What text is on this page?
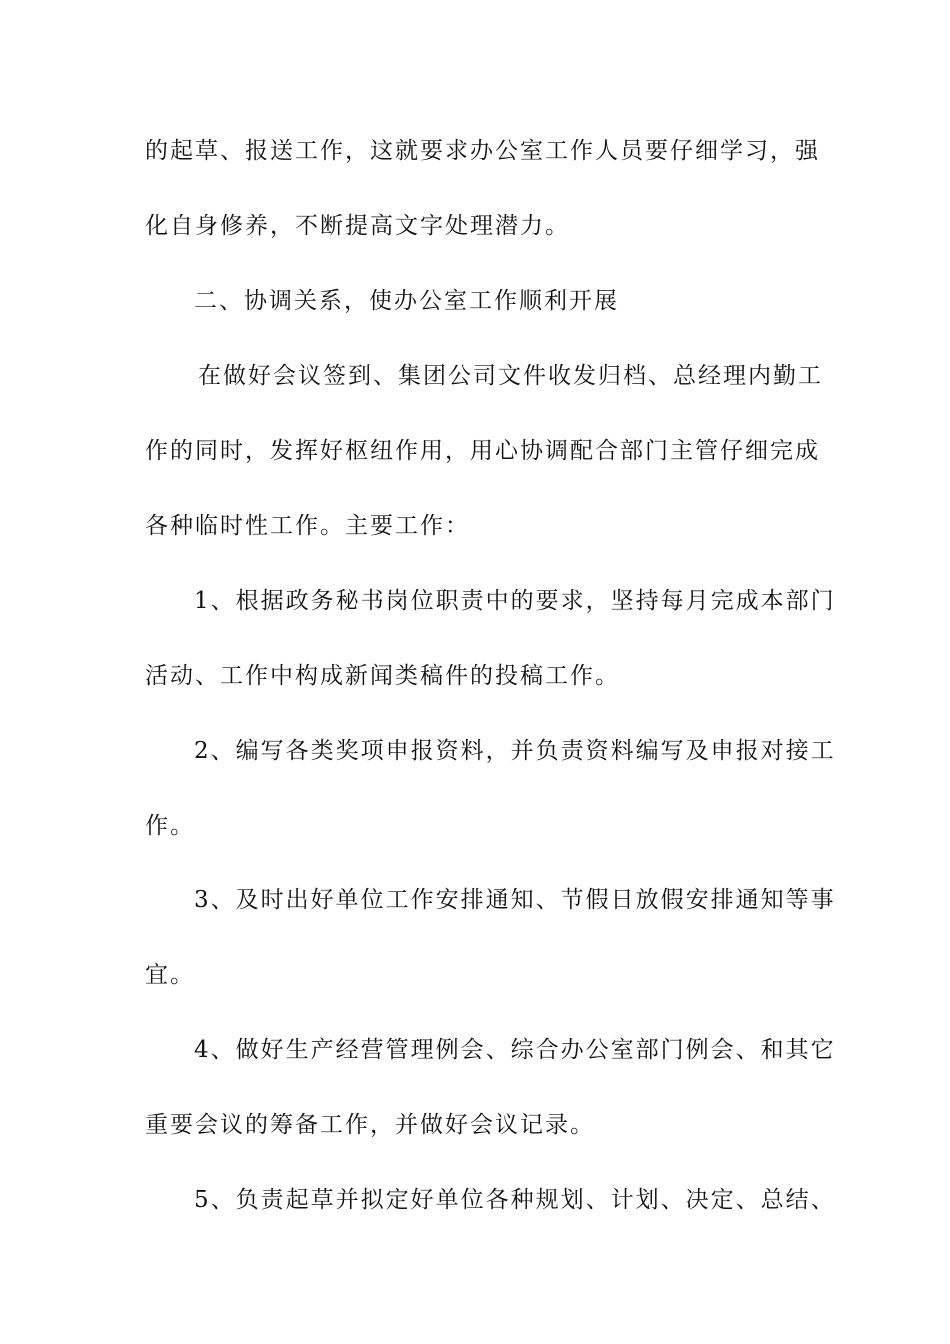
的起草、报送工作，这就要求办公室工作人员要仔细学习，强
化自身修养，不断提高文字处理潜力。
二、协调关系，使办公室工作顺利开展
在做好会议签到、集团公司文件收发归档、总经理内勤工
作的同时，发挥好枢纽作用，用心协调配合部门主管仔细完成
各种临时性工作。主要工作：
1、根据政务秘书岗位职责中的要求，坚持每月完成本部门
活动、工作中构成新闻类稿件的投稿工作。
2、编写各类奖项申报资料，并负责资料编写及申报对接工
作。
3、及时出好单位工作安排通知、节假日放假安排通知等事
宜。
4、做好生产经营管理例会、综合办公室部门例会、和其它
重要会议的筹备工作，并做好会议记录。
5、负责起草并拟定好单位各种规划、计划、决定、总结、
